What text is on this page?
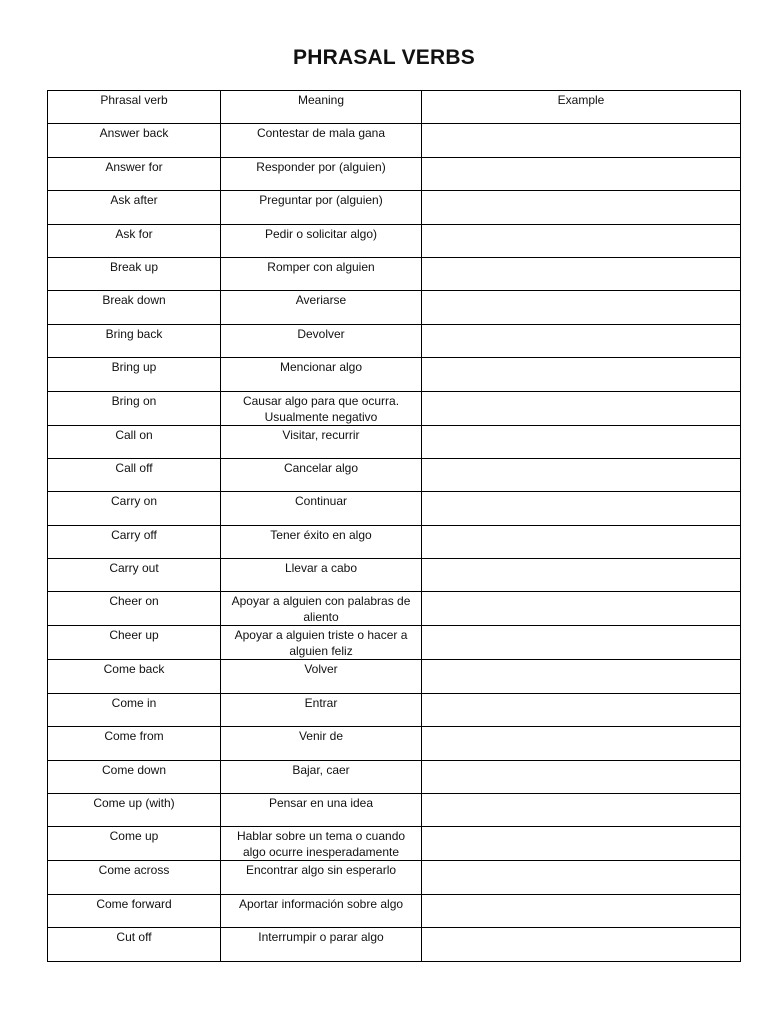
PHRASAL VERBS
Phrasal verb	Meaning	Example
Answer back	Contestar de mala gana	
Answer for	Responder por (alguien)	
Ask after	Preguntar por (alguien)	
Ask for	Pedir o solicitar algo)	
Break up	Romper con alguien	
Break down	Averiarse	
Bring back	Devolver	
Bring up	Mencionar algo	
Bring on	Causar algo para que ocurra. Usualmente negativo	
Call on	Visitar, recurrir	
Call off	Cancelar algo	
Carry on	Continuar	
Carry off	Tener éxito en algo	
Carry out	Llevar a cabo	
Cheer on	Apoyar a alguien con palabras de aliento	
Cheer up	Apoyar a alguien triste o hacer a alguien feliz	
Come back	Volver	
Come in	Entrar	
Come from	Venir de	
Come down	Bajar, caer	
Come up (with)	Pensar en una idea	
Come up	Hablar sobre un tema o cuando algo ocurre inesperadamente	
Come across	Encontrar algo sin esperarlo	
Come forward	Aportar información sobre algo	
Cut off	Interrumpir o parar algo	
